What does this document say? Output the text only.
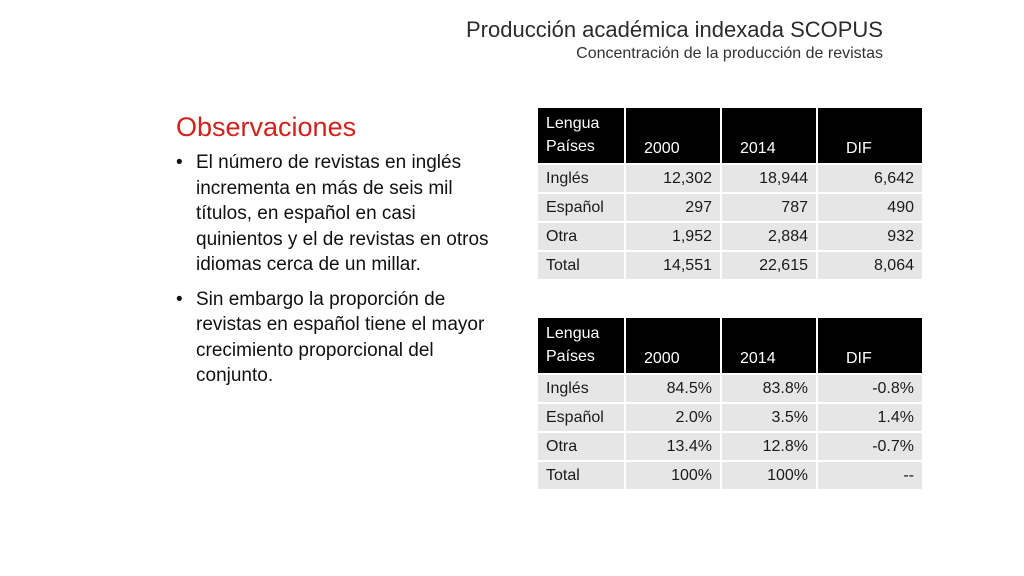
Producción académica indexada SCOPUS
Concentración de la producción de revistas
Observaciones
• El número de revistas en inglés incrementa en más de seis mil títulos, en español en casi quinientos y el de revistas en otros idiomas cerca de un millar.
• Sin embargo la proporción de revistas en español tiene el mayor crecimiento proporcional del conjunto.
Lengua
Países	2000	2014	DIF
Inglés	12,302	18,944	6,642
Español	297	787	490
Otra	1,952	2,884	932
Total	14,551	22,615	8,064
Lengua
Países	2000	2014	DIF
Inglés	84.5%	83.8%	-0.8%
Español	2.0%	3.5%	1.4%
Otra	13.4%	12.8%	-0.7%
Total	100%	100%	--
